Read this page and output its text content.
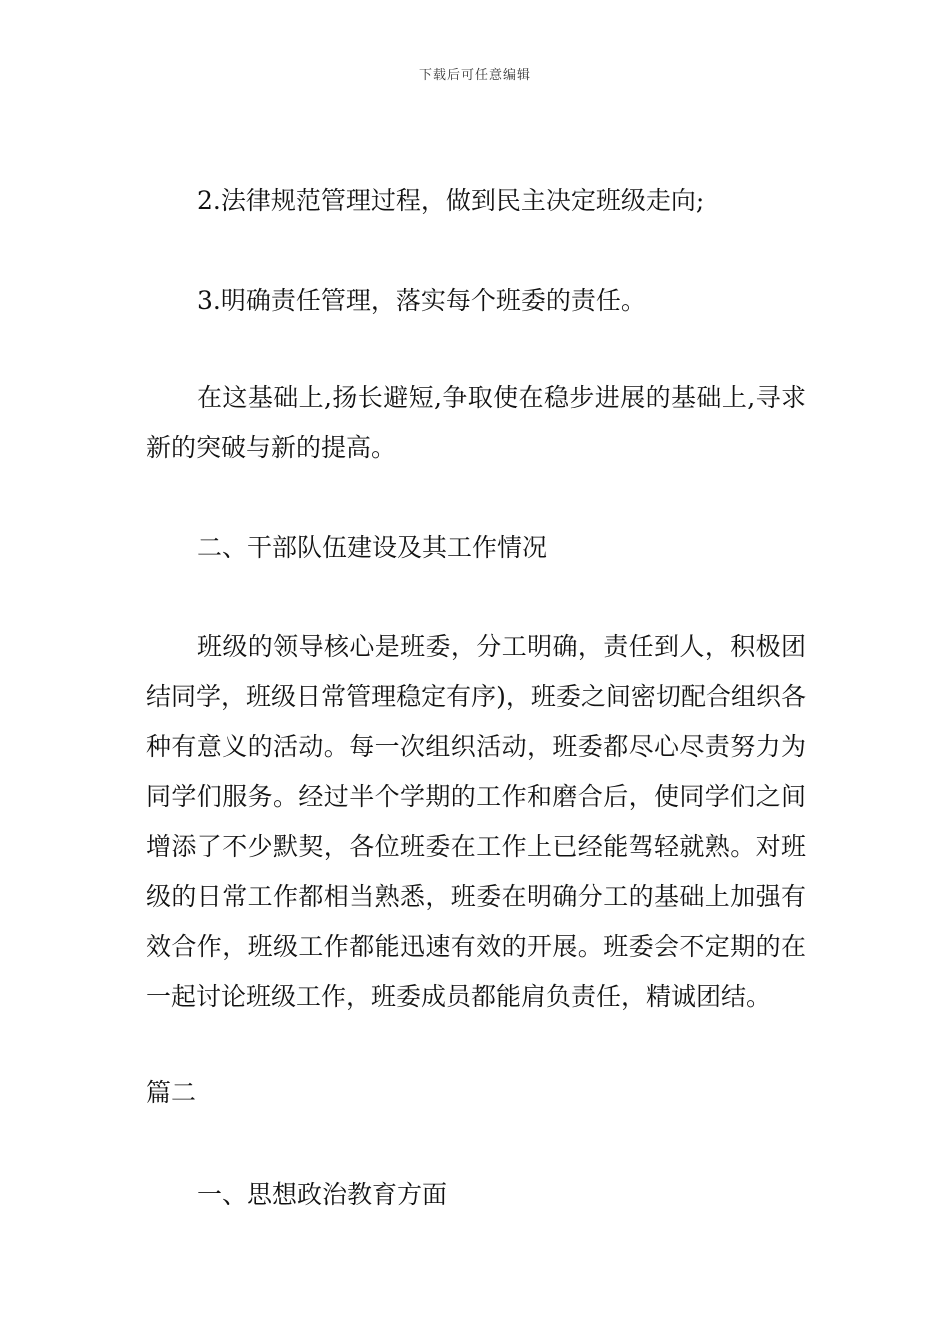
下载后可任意编辑
2.法律规范管理过程，做到民主决定班级走向;
3.明确责任管理，落实每个班委的责任。

在这基础上,扬长避短,争取使在稳步进展的基础上,寻求新的突破与新的提高。

二、干部队伍建设及其工作情况

班级的领导核心是班委，分工明确，责任到人，积极团结同学，班级日常管理稳定有序)，班委之间密切配合组织各种有意义的活动。每一次组织活动，班委都尽心尽责努力为同学们服务。经过半个学期的工作和磨合后，使同学们之间增添了不少默契，各位班委在工作上已经能驾轻就熟。对班级的日常工作都相当熟悉，班委在明确分工的基础上加强有效合作，班级工作都能迅速有效的开展。班委会不定期的在一起讨论班级工作，班委成员都能肩负责任，精诚团结。

篇二
一、思想政治教育方面
